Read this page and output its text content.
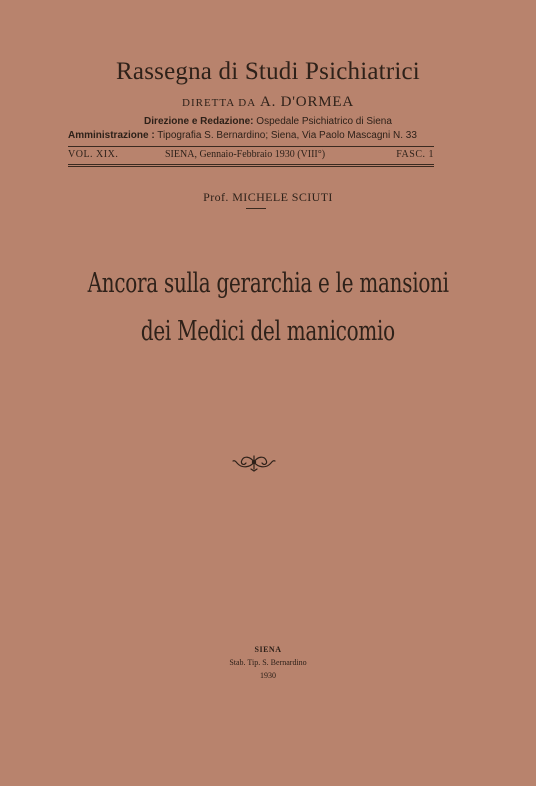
Rassegna di Studi Psichiatrici
DIRETTA DA A. D'ORMEA
Direzione e Redazione: Ospedale Psichiatrico di Siena
Amministrazione : Tipografia S. Bernardino; Siena, Via Paolo Mascagni N. 33
VOL. XIX.	SIENA, Gennaio-Febbraio 1930 (VIII°)	FASC. 1
Prof. MICHELE SCIUTI
Ancora sulla gerarchia e le mansioni
dei Medici del manicomio
SIENA
Stab. Tip. S. Bernardino
1930
